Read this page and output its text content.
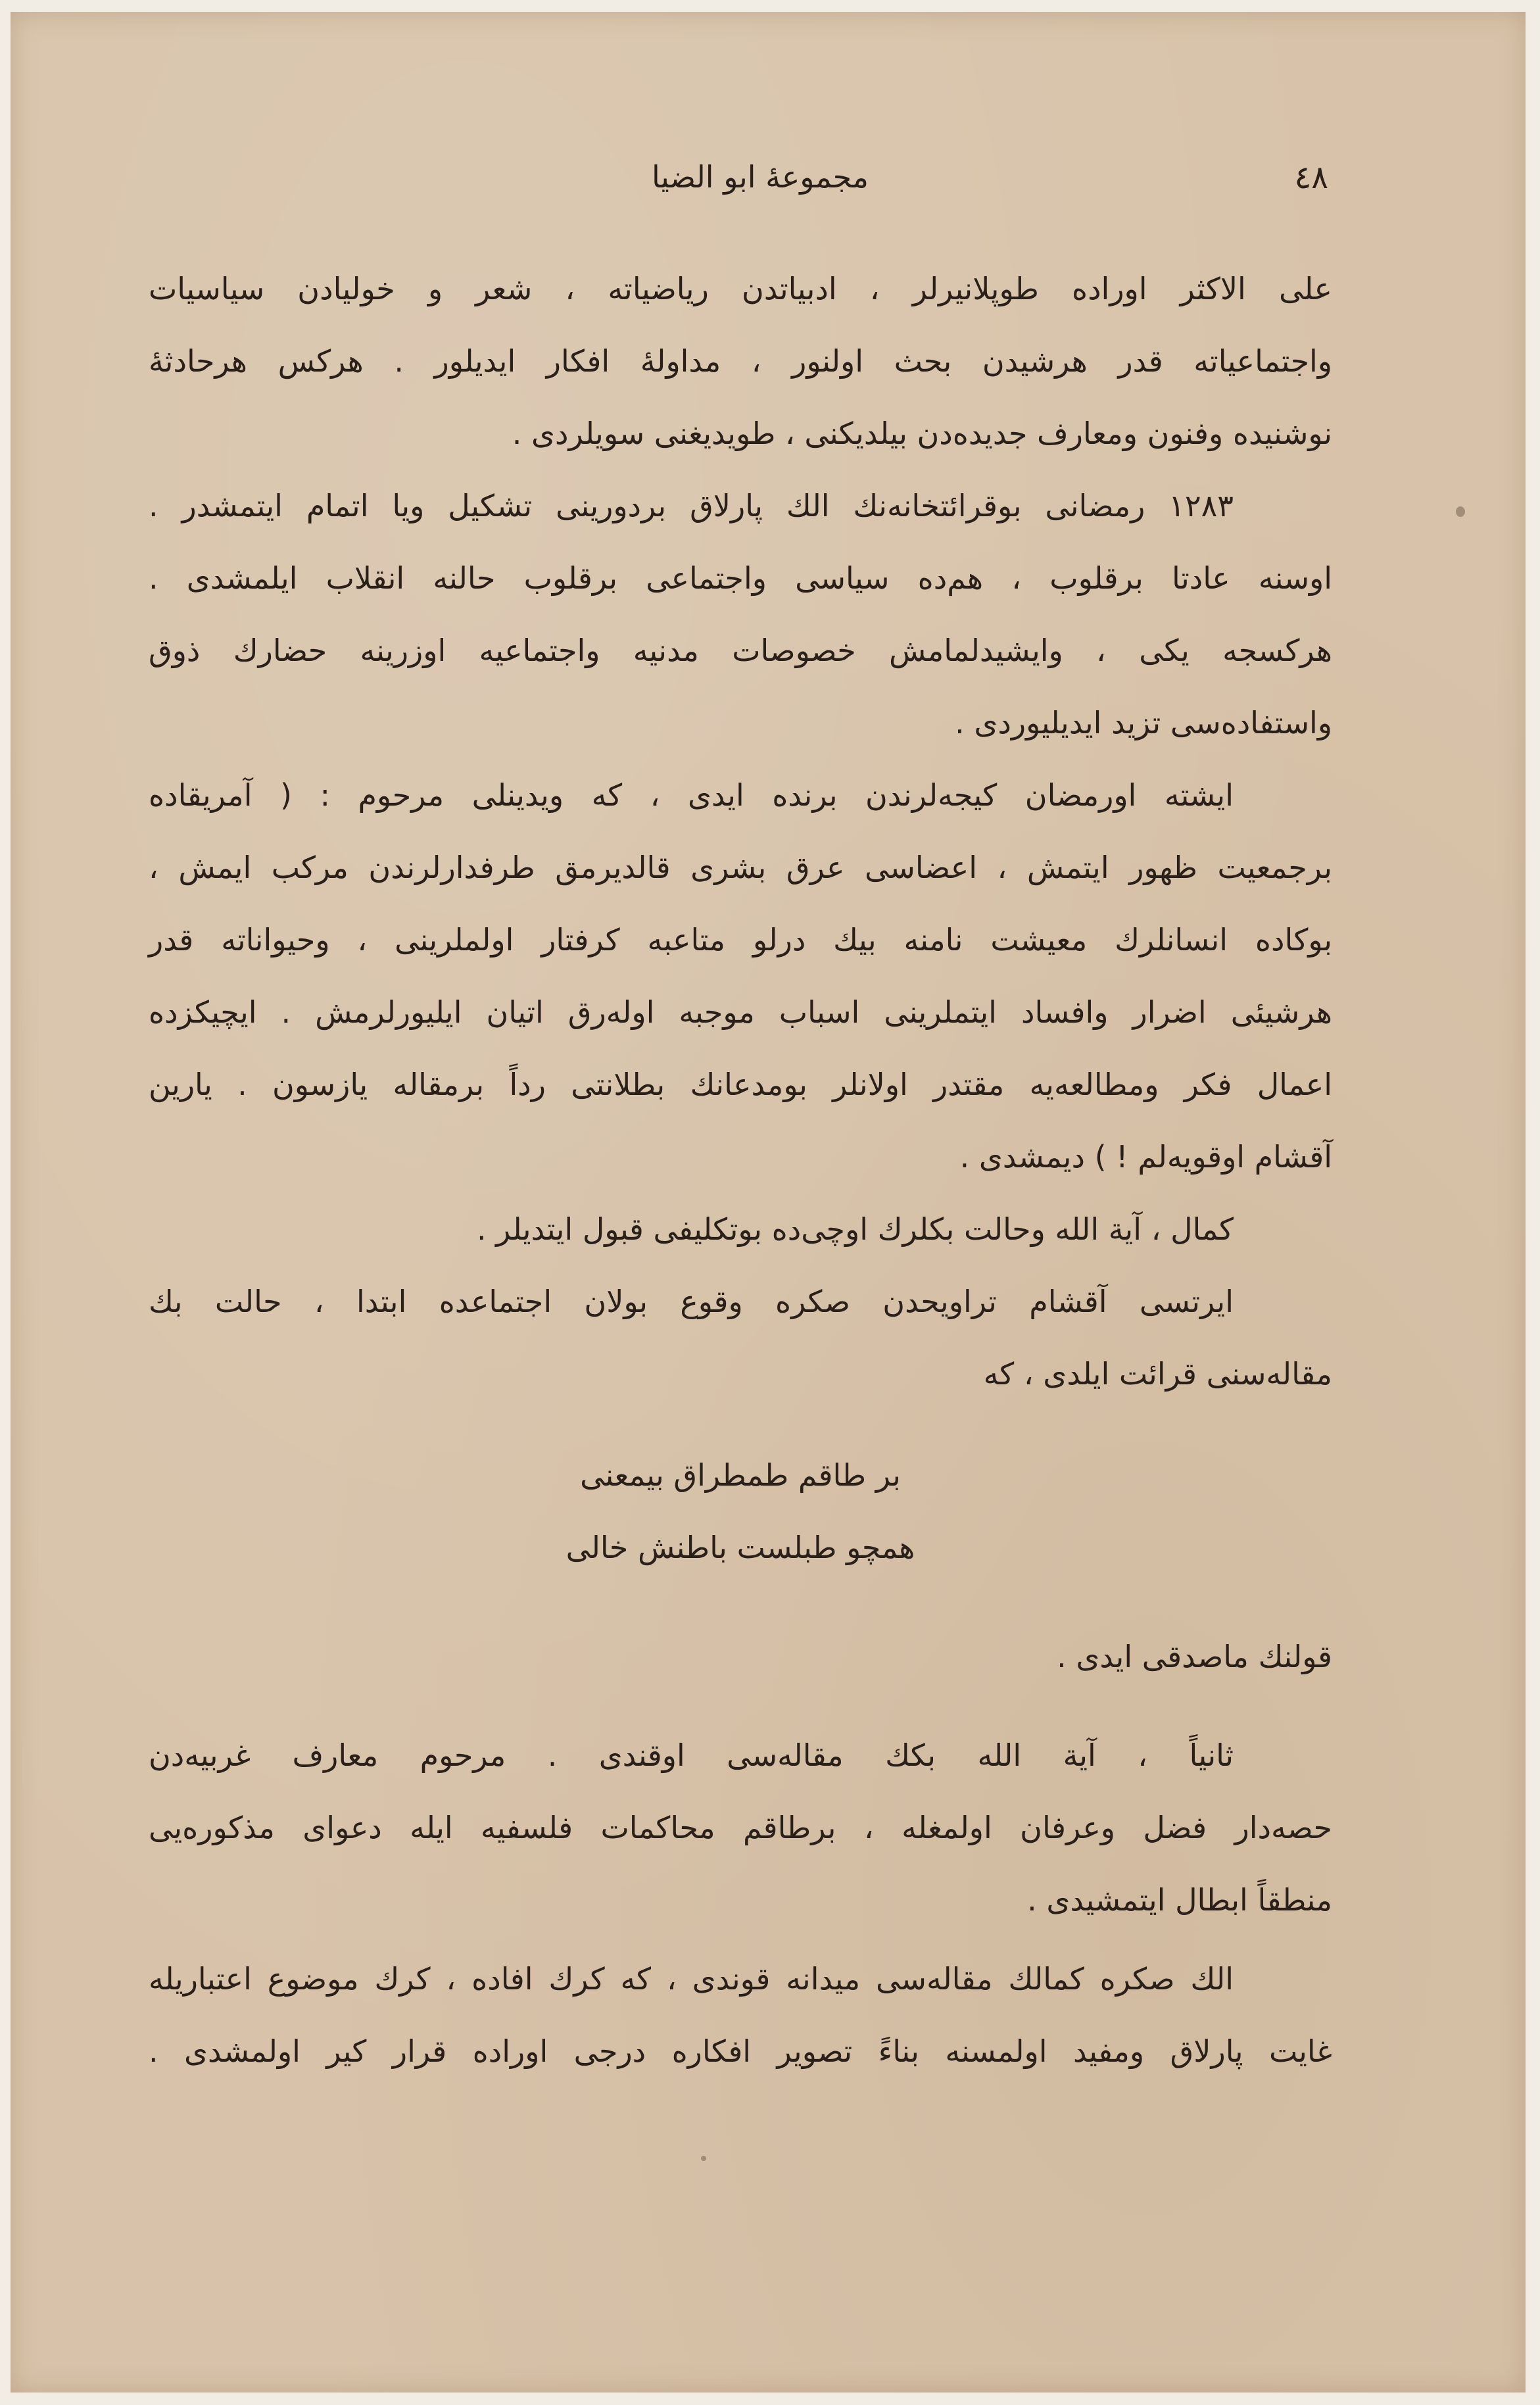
٤٨
مجموعهٔ ابو الضیا
علی الاکثر اوراده طوپلانیرلر ، ادبیاتدن ریاضیاته ، شعر و خولیادن سیاسیات
واجتماعیاته قدر هرشیدن بحث اولنور ، مداولهٔ افکار ایدیلور . هرکس هرحادثهٔ
نوشنیده وفنون ومعارف جدیده‌دن بیلدیکنی ، طویدیغنی سویلردی .
١٢٨٣ رمضانی بوقرائتخانه‌نك الك پارلاق بردورینی تشکیل ویا اتمام ایتمشدر .
اوسنه عادتا برقلوب ، هم‌ده سیاسی واجتماعی برقلوب حالنه انقلاب ایلمشدی .
هرکسجه یکی ، وایشیدلمامش خصوصات مدنیه واجتماعیه اوزرینه حضارك ذوق
واستفاده‌سی تزید ایدیلیوردی .
ایشته اورمضان کیجه‌لرندن برنده ایدی ، که ویدینلی مرحوم : ( آمریقاده
برجمعیت ظهور ایتمش ، اعضاسی عرق بشری قالدیرمق طرفدارلرندن مرکب ایمش ،
بوکاده انسانلرك معیشت نامنه بیك درلو متاعبه کرفتار اولملرینی ، وحیواناته قدر
هرشیئی اضرار وافساد ایتملرینی اسباب موجبه اوله‌رق اتیان ایلیورلرمش . ایچیکزده
اعمال فکر ومطالعه‌یه مقتدر اولانلر بومدعانك بطلانتی رداً برمقاله یازسون . یارین
آقشام اوقویه‌لم ! ) دیمشدی .
کمال ، آیة الله وحالت بکلرك اوچی‌ده بوتکلیفی قبول ایتدیلر .
ایرتسی آقشام تراویحدن صکره وقوع بولان اجتماعده ابتدا ، حالت بك
مقاله‌سنی قرائت ایلدی ، که
بر طاقم طمطراق بیمعنی
همچو طبلست باطنش خالی
قولنك ماصدقی ایدی .
ثانیاً ، آیة الله بکك مقاله‌سی اوقندی . مرحوم معارف غربیه‌دن
حصه‌دار فضل وعرفان اولمغله ، برطاقم محاکمات فلسفیه ایله دعوای مذکوره‌یی
منطقاً ابطال ایتمشیدی .
الك صکره کمالك مقاله‌سی میدانه قوندی ، که کرك افاده ، کرك موضوع اعتباریله
غایت پارلاق ومفید اولمسنه بناءً تصویر افکاره درجی اوراده قرار کیر اولمشدی .
